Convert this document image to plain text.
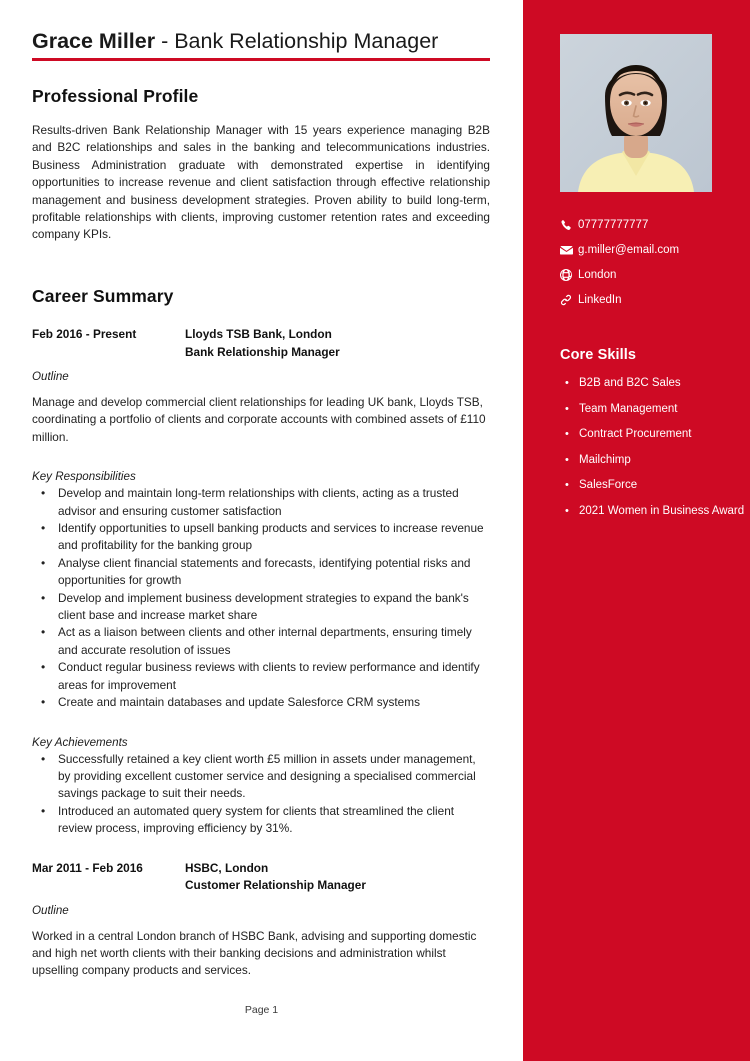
Grace Miller - Bank Relationship Manager
Professional Profile
Results-driven Bank Relationship Manager with 15 years experience managing B2B and B2C relationships and sales in the banking and telecommunications industries. Business Administration graduate with demonstrated expertise in identifying opportunities to increase revenue and client satisfaction through effective relationship management and business development strategies. Proven ability to build long-term, profitable relationships with clients, improving customer retention rates and exceeding company KPIs.
Career Summary
Feb 2016 - Present	Lloyds TSB Bank, London
Bank Relationship Manager
Outline
Manage and develop commercial client relationships for leading UK bank, Lloyds TSB, coordinating a portfolio of clients and corporate accounts with combined assets of £110 million.
Key Responsibilities
• Develop and maintain long-term relationships with clients, acting as a trusted advisor and ensuring customer satisfaction
• Identify opportunities to upsell banking products and services to increase revenue and profitability for the banking group
• Analyse client financial statements and forecasts, identifying potential risks and opportunities for growth
• Develop and implement business development strategies to expand the bank's client base and increase market share
• Act as a liaison between clients and other internal departments, ensuring timely and accurate resolution of issues
• Conduct regular business reviews with clients to review performance and identify areas for improvement
• Create and maintain databases and update Salesforce CRM systems
Key Achievements
• Successfully retained a key client worth £5 million in assets under management, by providing excellent customer service and designing a specialised commercial savings package to suit their needs.
• Introduced an automated query system for clients that streamlined the client review process, improving efficiency by 31%.
Mar 2011 - Feb 2016	HSBC, London
Customer Relationship Manager
Outline
Worked in a central London branch of HSBC Bank, advising and supporting domestic and high net worth clients with their banking decisions and administration whilst upselling company products and services.
Page 1
07777777777
g.miller@email.com
London
LinkedIn
Core Skills
• B2B and B2C Sales
• Team Management
• Contract Procurement
• Mailchimp
• SalesForce
• 2021 Women in Business Award
